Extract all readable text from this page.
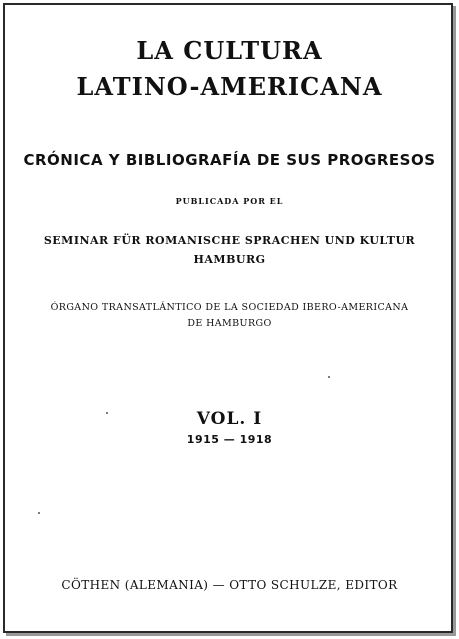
LA CULTURA
LATINO-AMERICANA
CRÓNICA Y BIBLIOGRAFÍA DE SUS PROGRESOS
PUBLICADA POR EL
SEMINAR FÜR ROMANISCHE SPRACHEN UND KULTUR
HAMBURG
ÓRGANO TRANSATLÁNTICO DE LA SOCIEDAD IBERO-AMERICANA
DE HAMBURGO
VOL. I
1915 — 1918
CÖTHEN (ALEMANIA) — OTTO SCHULZE, EDITOR
